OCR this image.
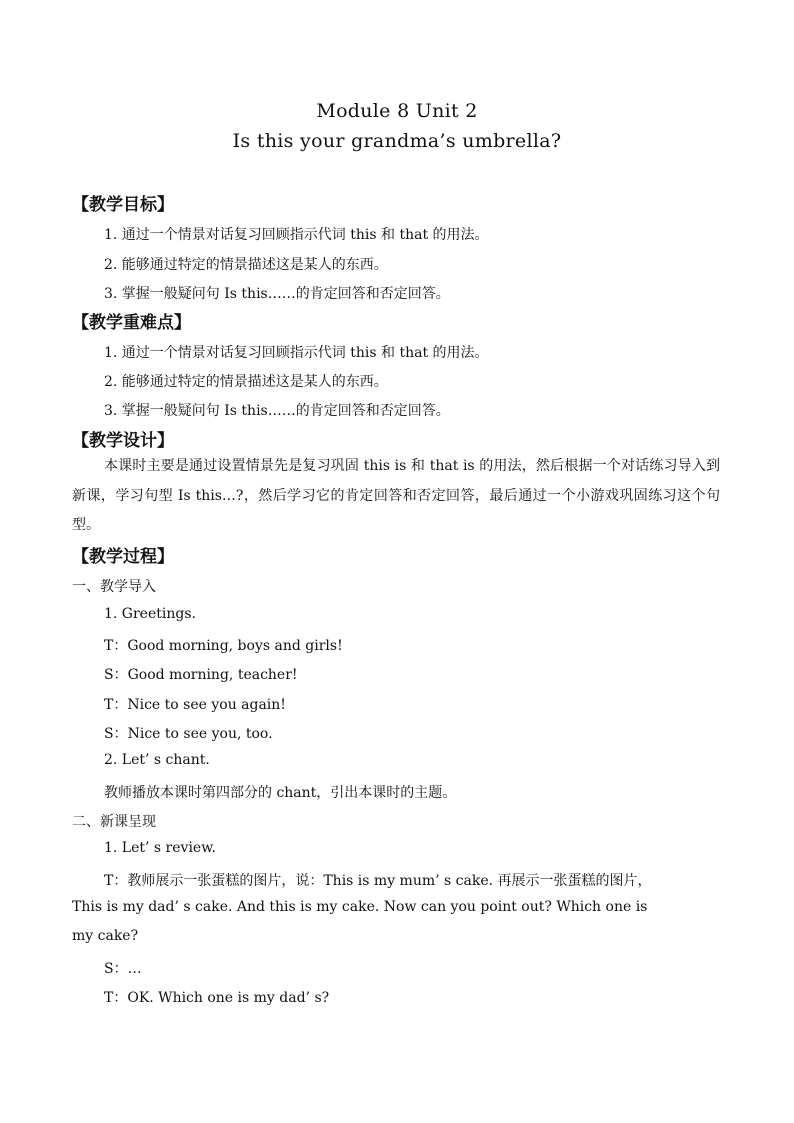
Module 8 Unit 2
Is this your grandma’s umbrella?
【教学目标】
1. 通过一个情景对话复习回顾指示代词 this 和 that 的用法。
2. 能够通过特定的情景描述这是某人的东西。
3. 掌握一般疑问句 Is this……的肯定回答和否定回答。
【教学重难点】
1. 通过一个情景对话复习回顾指示代词 this 和 that 的用法。
2. 能够通过特定的情景描述这是某人的东西。
3. 掌握一般疑问句 Is this……的肯定回答和否定回答。
【教学设计】
本课时主要是通过设置情景先是复习巩固 this is 和 that is 的用法，然后根据一个对话练习导入到新课，学习句型 Is this…?，然后学习它的肯定回答和否定回答，最后通过一个小游戏巩固练习这个句型。
【教学过程】
一、教学导入
1. Greetings.
T：Good morning, boys and girls!
S：Good morning, teacher!
T：Nice to see you again!
S：Nice to see you, too.
2. Let’ s chant.
教师播放本课时第四部分的 chant，引出本课时的主题。
二、新课呈现
1. Let’ s review.
T：教师展示一张蛋糕的图片，说：This is my mum’ s cake. 再展示一张蛋糕的图片，
This is my dad’ s cake. And this is my cake. Now can you point out? Which one is
my cake?
S：…
T：OK. Which one is my dad’ s?
